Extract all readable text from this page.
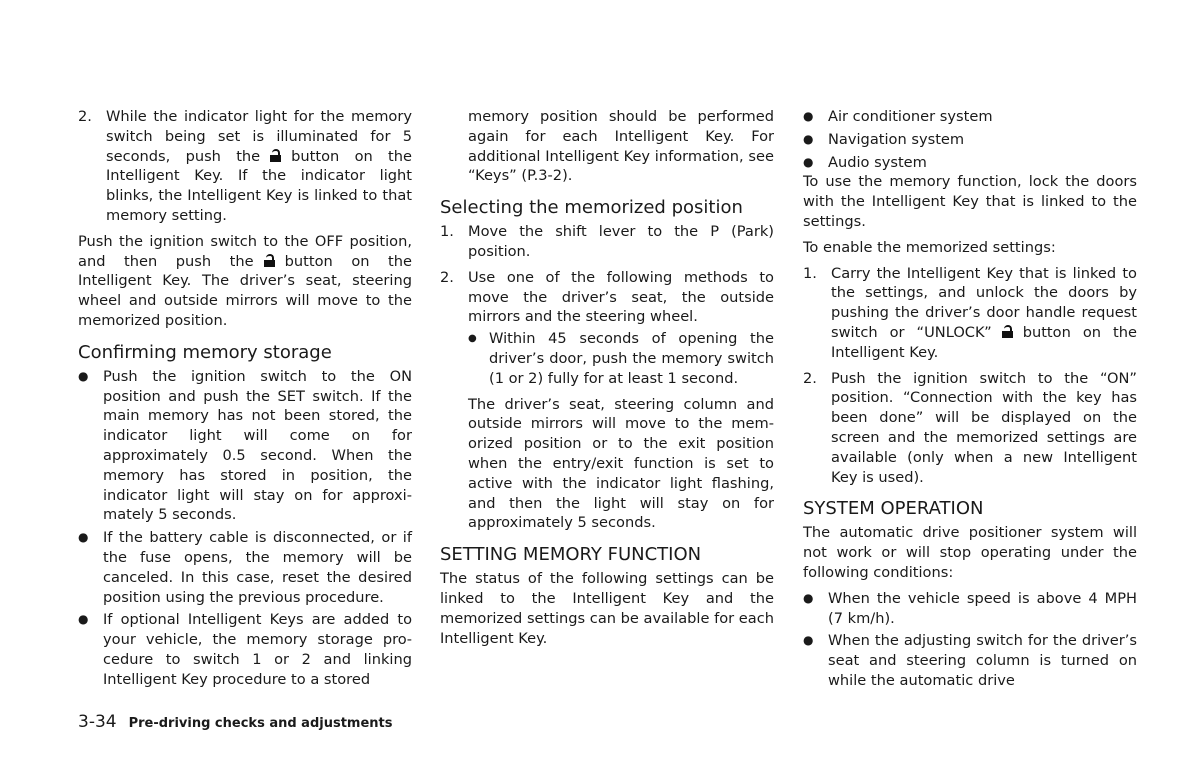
2. While the indicator light for the memory switch being set is illuminated for 5 seconds, push the button on the Intelligent Key. If the indicator light blinks, the Intelligent Key is linked to that memory setting.

Push the ignition switch to the OFF position, and then push the button on the Intelligent Key. The driver’s seat, steering wheel and outside mirrors will move to the memorized position.

Confirming memory storage
● Push the ignition switch to the ON position and push the SET switch. If the main memory has not been stored, the indicator light will come on for approximately 0.5 second. When the memory has stored in position, the indicator light will stay on for approximately 5 seconds.
● If the battery cable is disconnected, or if the fuse opens, the memory will be canceled. In this case, reset the desired position using the previous procedure.
● If optional Intelligent Keys are added to your vehicle, the memory storage procedure to switch 1 or 2 and linking Intelligent Key procedure to a stored

memory position should be performed again for each Intelligent Key. For additional Intelligent Key information, see “Keys” (P.3-2).

Selecting the memorized position
1. Move the shift lever to the P (Park) position.
2. Use one of the following methods to move the driver’s seat, the outside mirrors and the steering wheel.
● Within 45 seconds of opening the driver’s door, push the memory switch (1 or 2) fully for at least 1 second.

The driver’s seat, steering column and outside mirrors will move to the memorized position or to the exit position when the entry/exit function is set to active with the indicator light flashing, and then the light will stay on for approximately 5 seconds.

SETTING MEMORY FUNCTION

The status of the following settings can be linked to the Intelligent Key and the memorized settings can be available for each Intelligent Key.

● Air conditioner system
● Navigation system
● Audio system

To use the memory function, lock the doors with the Intelligent Key that is linked to the settings.

To enable the memorized settings:

1. Carry the Intelligent Key that is linked to the settings, and unlock the doors by pushing the driver’s door handle request switch or “UNLOCK” button on the Intelligent Key.
2. Push the ignition switch to the “ON” position. “Connection with the key has been done” will be displayed on the screen and the memorized settings are available (only when a new Intelligent Key is used).
SYSTEM OPERATION

The automatic drive positioner system will not work or will stop operating under the following conditions:

● When the vehicle speed is above 4 MPH (7 km/h).
● When the adjusting switch for the driver’s seat and steering column is turned on while the automatic drive
3-34 Pre-driving checks and adjustments
